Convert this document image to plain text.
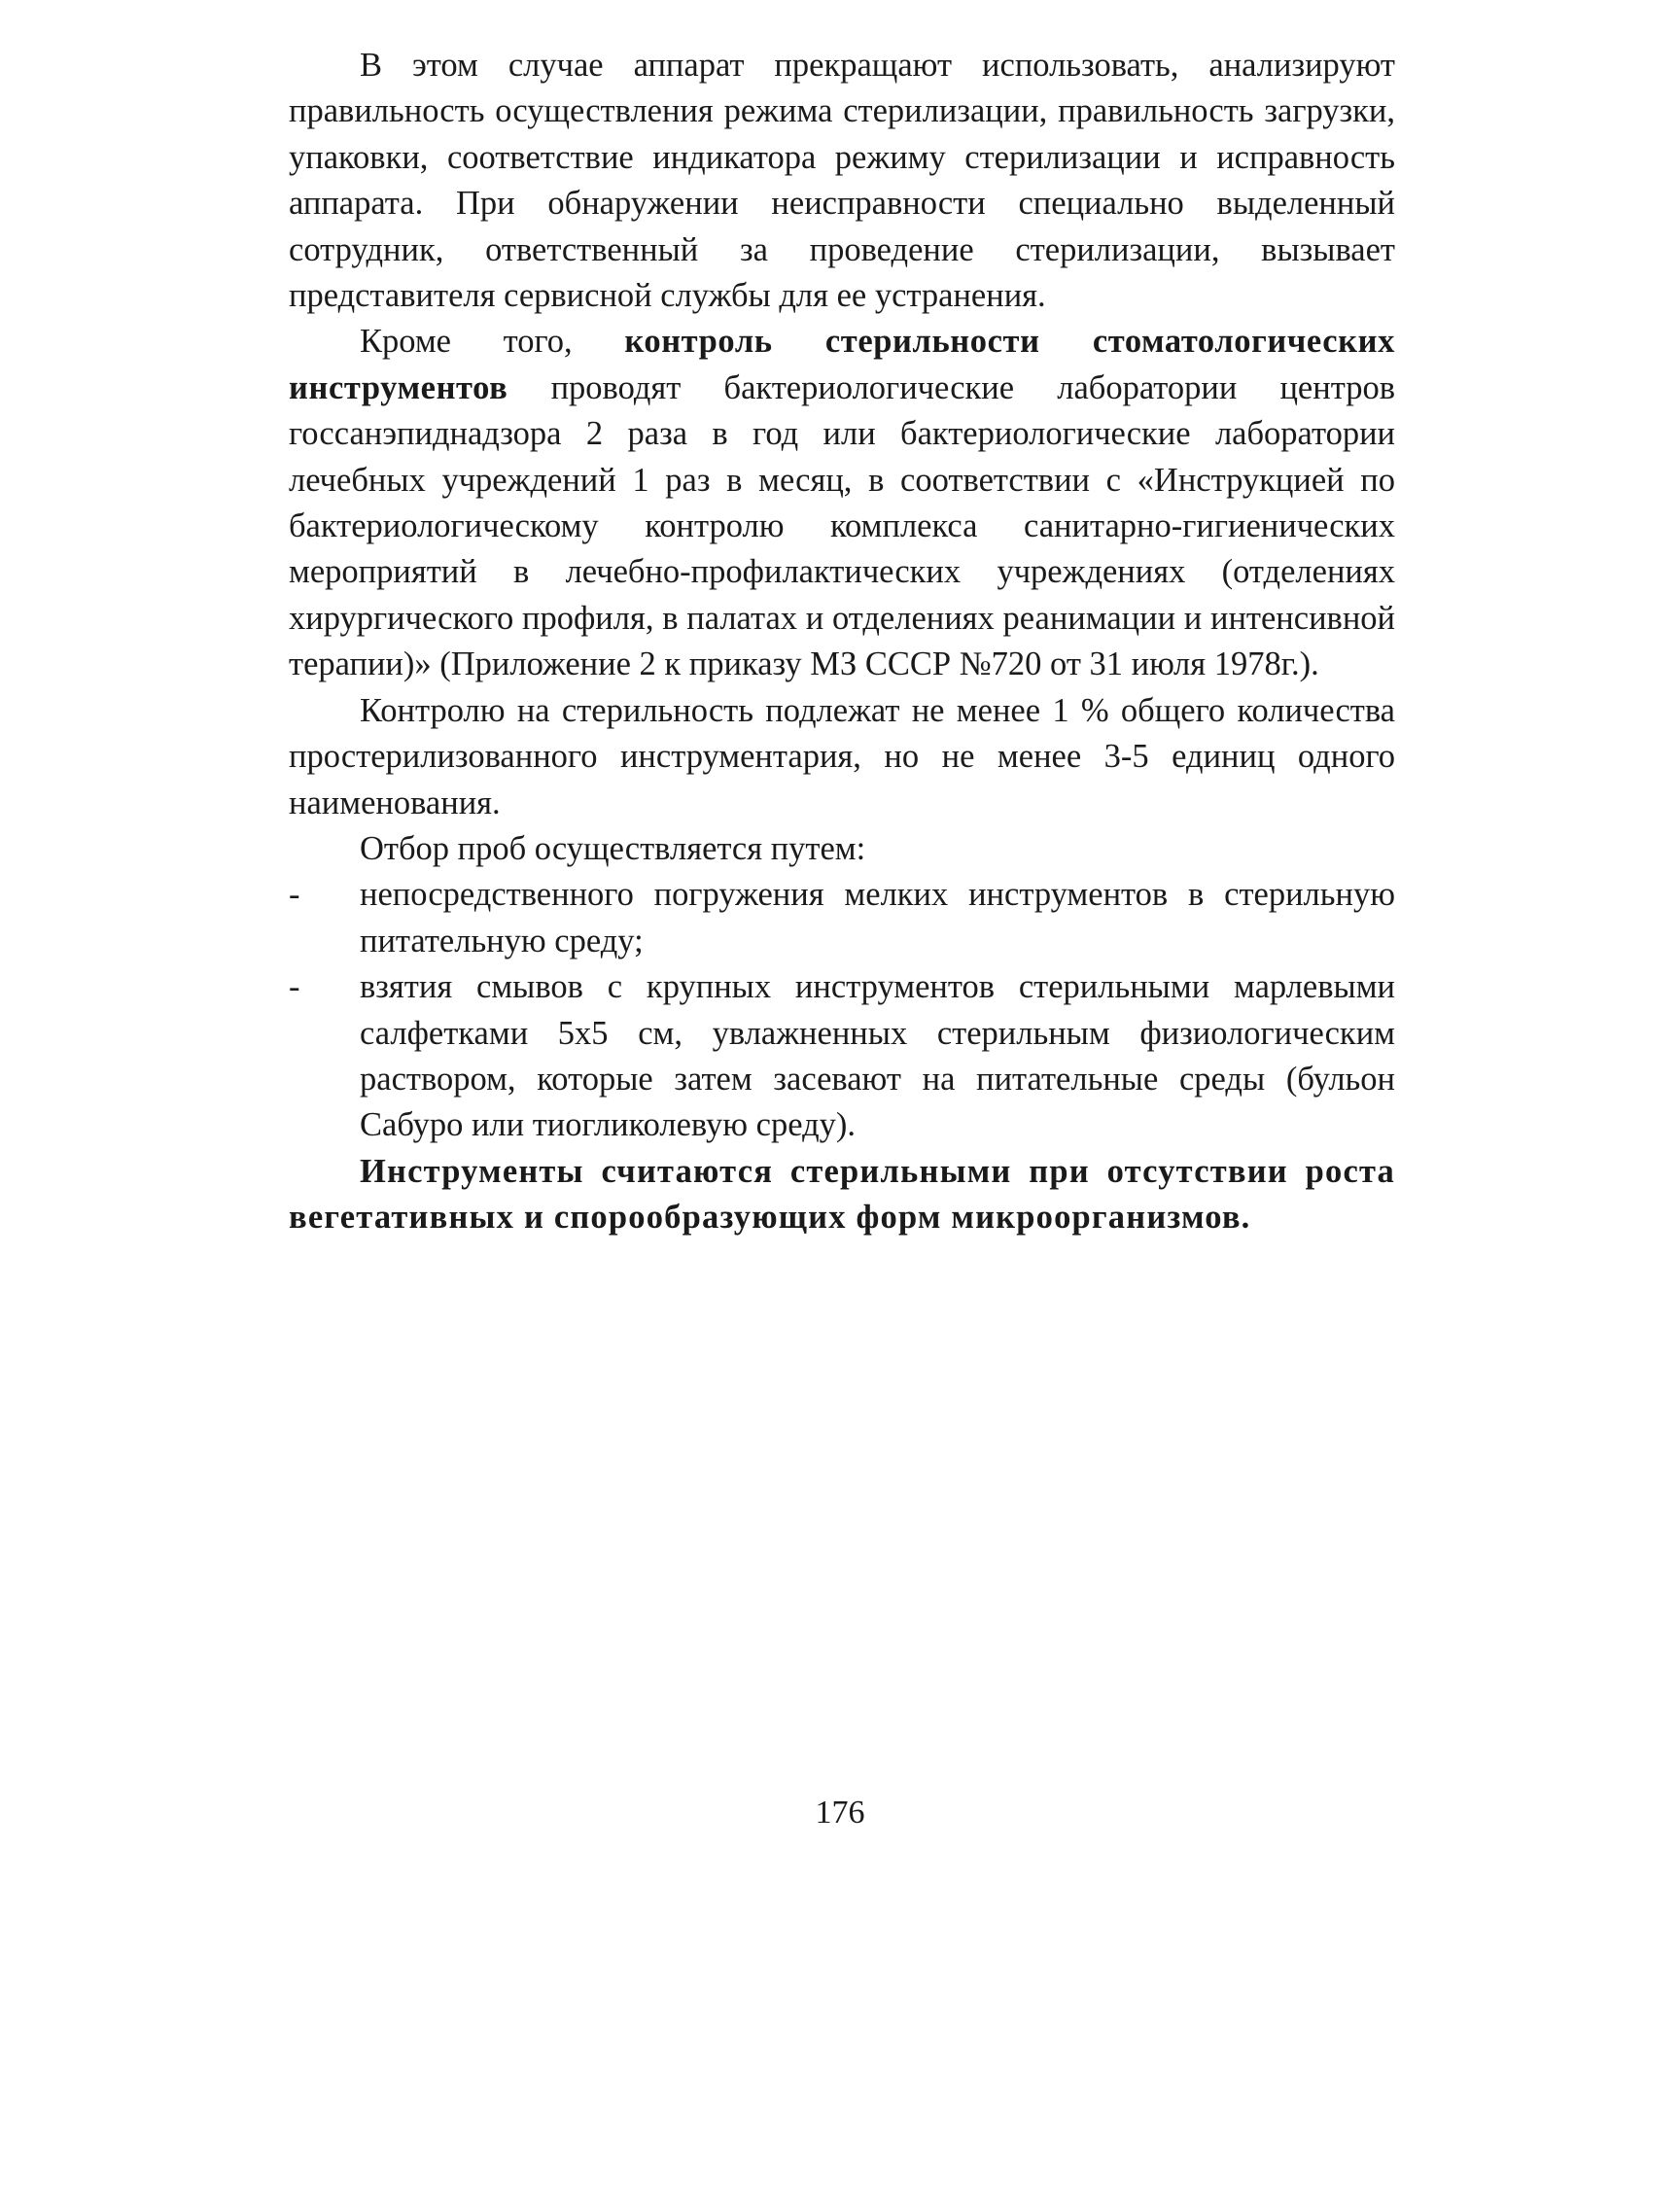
В этом случае аппарат прекращают использовать, анализируют правильность осуществления режима стерилизации, правильность загрузки, упаковки, соответствие индикатора режиму стерилизации и исправность аппарата. При обнаружении неисправности специально выделенный сотрудник, ответственный за проведение стерилизации, вызывает представителя сервисной службы для ее устранения.

Кроме того, контроль стерильности стоматологических инструментов проводят бактериологические лаборатории центров госсанэпиднадзора 2 раза в год или бактериологические лаборатории лечебных учреждений 1 раз в месяц, в соответствии с «Инструкцией по бактериологическому контролю комплекса санитарно-гигиенических мероприятий в лечебно-профилактических учреждениях (отделениях хирургического профиля, в палатах и отделениях реанимации и интенсивной терапии)» (Приложение 2 к приказу МЗ СССР №720 от 31 июля 1978г.).

Контролю на стерильность подлежат не менее 1 % общего количества простерилизованного инструментария, но не менее 3-5 единиц одного наименования.

Отбор проб осуществляется путем:

- непосредственного погружения мелких инструментов в стерильную питательную среду;

- взятия смывов с крупных инструментов стерильными марлевыми салфетками 5х5 см, увлажненных стерильным физиологическим раствором, которые затем засевают на питательные среды (бульон Сабуро или тиогликолевую среду).

Инструменты считаются стерильными при отсутствии роста вегетативных и спорообразующих форм микроорганизмов.

176
